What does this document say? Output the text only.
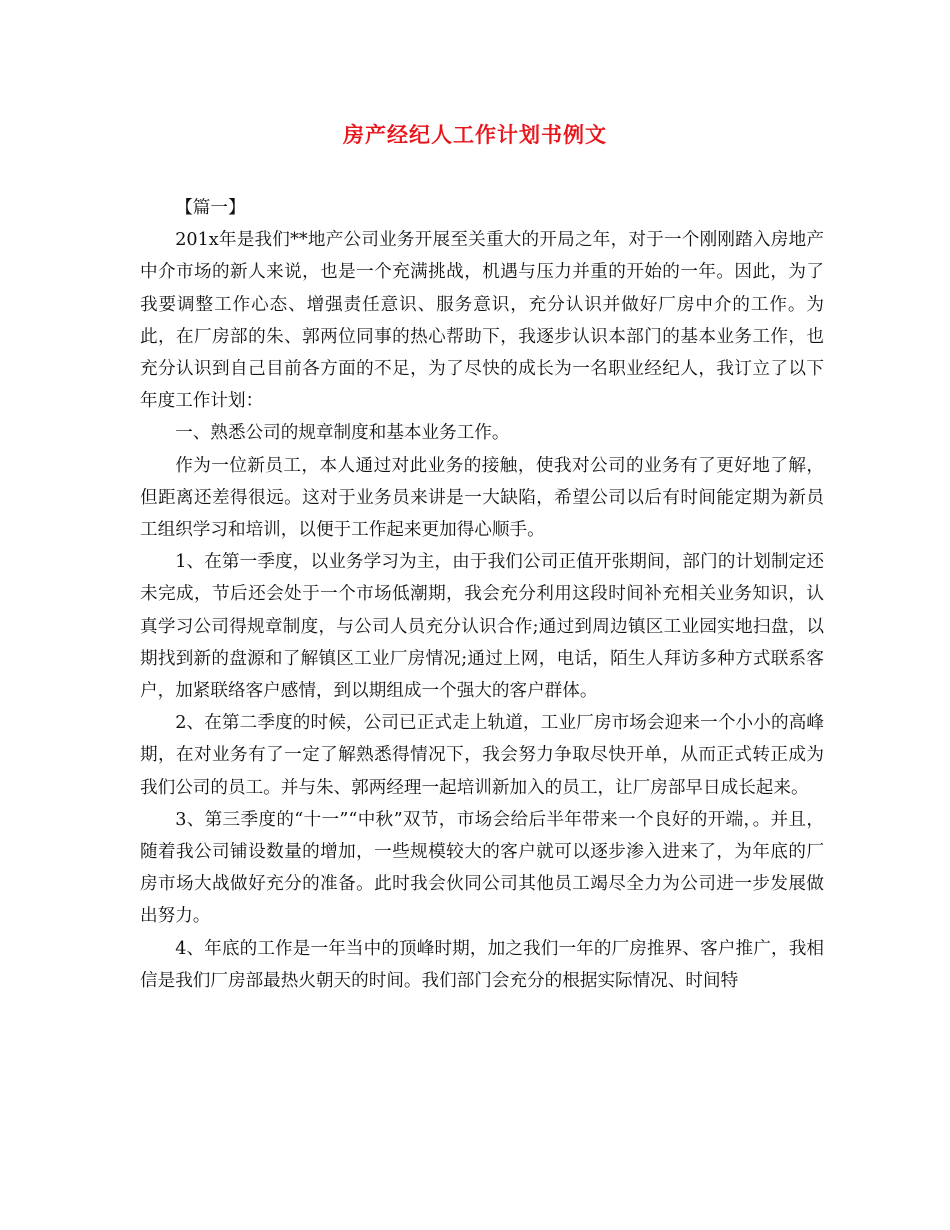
房产经纪人工作计划书例文

【篇一】

201x年是我们**地产公司业务开展至关重大的开局之年，对于一个刚刚踏入房地产中介市场的新人来说，也是一个充满挑战，机遇与压力并重的开始的一年。因此，为了我要调整工作心态、增强责任意识、服务意识，充分认识并做好厂房中介的工作。为此，在厂房部的朱、郭两位同事的热心帮助下，我逐步认识本部门的基本业务工作，也充分认识到自己目前各方面的不足，为了尽快的成长为一名职业经纪人，我订立了以下年度工作计划：

一、熟悉公司的规章制度和基本业务工作。

作为一位新员工，本人通过对此业务的接触，使我对公司的业务有了更好地了解，但距离还差得很远。这对于业务员来讲是一大缺陷，希望公司以后有时间能定期为新员工组织学习和培训，以便于工作起来更加得心顺手。

1、在第一季度，以业务学习为主，由于我们公司正值开张期间，部门的计划制定还未完成，节后还会处于一个市场低潮期，我会充分利用这段时间补充相关业务知识，认真学习公司得规章制度，与公司人员充分认识合作;通过到周边镇区工业园实地扫盘，以期找到新的盘源和了解镇区工业厂房情况;通过上网，电话，陌生人拜访多种方式联系客户，加紧联络客户感情，到以期组成一个强大的客户群体。

2、在第二季度的时候，公司已正式走上轨道，工业厂房市场会迎来一个小小的高峰期，在对业务有了一定了解熟悉得情况下，我会努力争取尽快开单，从而正式转正成为我们公司的员工。并与朱、郭两经理一起培训新加入的员工，让厂房部早日成长起来。

3、第三季度的“十一”“中秋”双节，市场会给后半年带来一个良好的开端，。并且，随着我公司铺设数量的增加，一些规模较大的客户就可以逐步渗入进来了，为年底的厂房市场大战做好充分的准备。此时我会伙同公司其他员工竭尽全力为公司进一步发展做出努力。

4、年底的工作是一年当中的顶峰时期，加之我们一年的厂房推界、客户推广，我相信是我们厂房部最热火朝天的时间。我们部门会充分的根据实际情况、时间特
